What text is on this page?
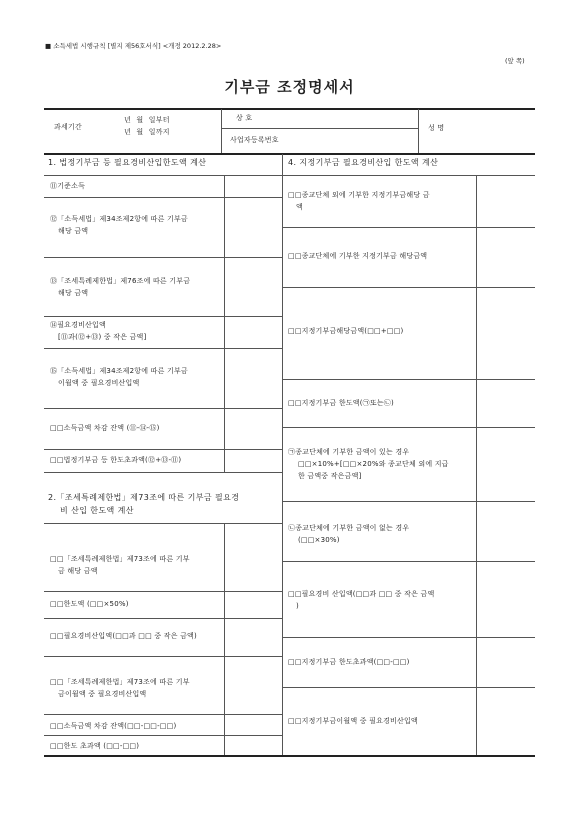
■ 소득세법 시행규칙 [별지 제56호서식] <개정 2012.2.28>
(앞 쪽)
기부금 조정명세서
과세기간
년 월 일부터
년 월 일까지
상 호
사업자등록번호
성 명
1. 법정기부금 등 필요경비산입한도액 계산
⑪기준소득
⑫「소득세법」제34조제2항에 따른 기부금
해당 금액
⑬「조세특례제한법」제76조에 따른 기부금
해당 금액
⑭필요경비산입액
[⑪과(⑫+⑬) 중 작은 금액]
⑮「소득세법」제34조제2항에 따른 기부금
이월액 중 필요경비산입액
□□소득금액 차감 잔액 (⑪-⑭-⑮)
□□법정기부금 등 한도초과액(⑫+⑬-⑪)
2.「조세특례제한법」제73조에 따른 기부금 필요경
비 산입 한도액 계산
□□「조세특례제한법」제73조에 따른 기부
금 해당 금액
□□한도액 (□□×50%)
□□필요경비산입액(□□과 □□ 중 작은 금액)
□□「조세특례제한법」제73조에 따른 기부
금이월액 중 필요경비산입액
□□소득금액 차감 잔액(□□-□□-□□)
□□한도 초과액 (□□-□□)
4. 지정기부금 필요경비산입 한도액 계산
□□종교단체 외에 기부한 지정기부금해당 금
액
□□종교단체에 기부한 지정기부금 해당금액
□□지정기부금해당금액(□□+□□)
□□지정기부금 한도액(㉠또는㉡)
㉠종교단체에 기부한 금액이 있는 경우
□□×10%+[□□×20%와 종교단체 외에 지급
한 금액중 작은금액]
㉡종교단체에 기부한 금액이 없는 경우
(□□×30%)
□□필요경비 산입액(□□과 □□ 중 작은 금액
)
□□지정기부금 한도초과액(□□-□□)
□□지정기부금이월액 중 필요경비산입액
